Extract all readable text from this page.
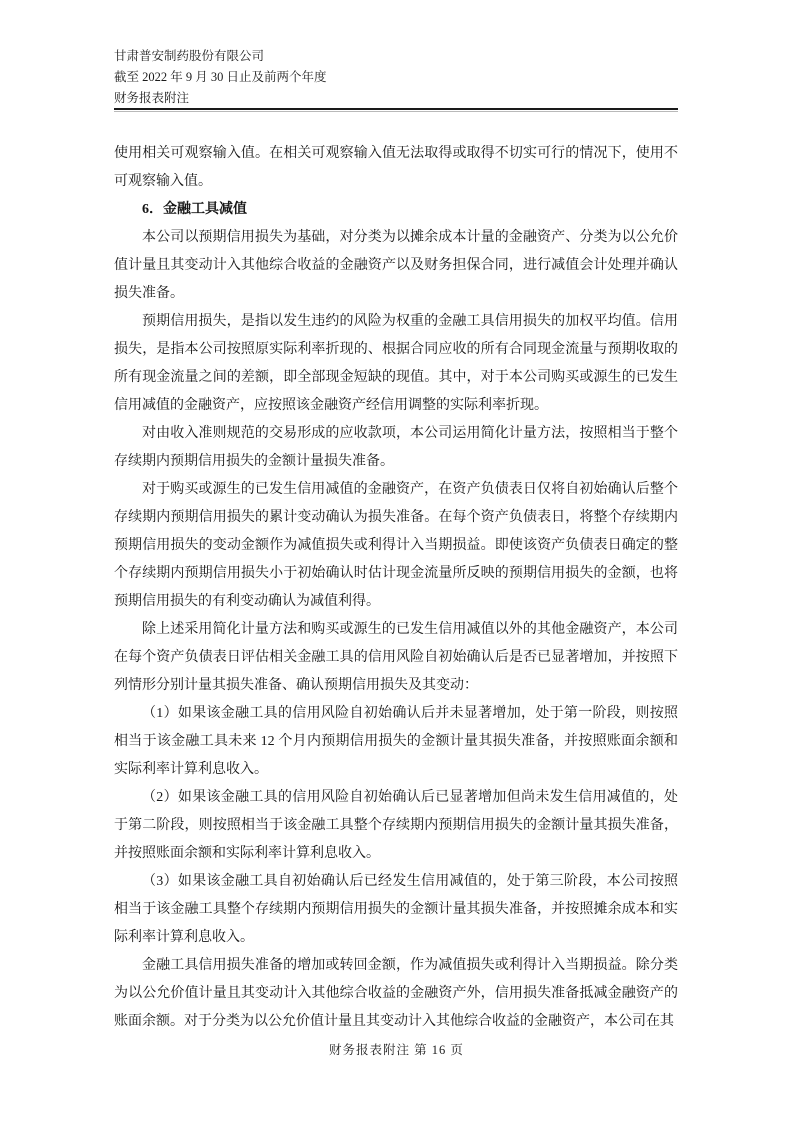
甘肃普安制药股份有限公司
截至 2022 年 9 月 30 日止及前两个年度
财务报表附注

使用相关可观察输入值。在相关可观察输入值无法取得或取得不切实可行的情况下，使用不可观察输入值。

6．金融工具减值

本公司以预期信用损失为基础，对分类为以摊余成本计量的金融资产、分类为以公允价值计量且其变动计入其他综合收益的金融资产以及财务担保合同，进行减值会计处理并确认损失准备。

预期信用损失，是指以发生违约的风险为权重的金融工具信用损失的加权平均值。信用损失，是指本公司按照原实际利率折现的、根据合同应收的所有合同现金流量与预期收取的所有现金流量之间的差额，即全部现金短缺的现值。其中，对于本公司购买或源生的已发生信用减值的金融资产，应按照该金融资产经信用调整的实际利率折现。

对由收入准则规范的交易形成的应收款项，本公司运用简化计量方法，按照相当于整个存续期内预期信用损失的金额计量损失准备。

对于购买或源生的已发生信用减值的金融资产，在资产负债表日仅将自初始确认后整个存续期内预期信用损失的累计变动确认为损失准备。在每个资产负债表日，将整个存续期内预期信用损失的变动金额作为减值损失或利得计入当期损益。即使该资产负债表日确定的整个存续期内预期信用损失小于初始确认时估计现金流量所反映的预期信用损失的金额，也将预期信用损失的有利变动确认为减值利得。

除上述采用简化计量方法和购买或源生的已发生信用减值以外的其他金融资产，本公司在每个资产负债表日评估相关金融工具的信用风险自初始确认后是否已显著增加，并按照下列情形分别计量其损失准备、确认预期信用损失及其变动：

（1）如果该金融工具的信用风险自初始确认后并未显著增加，处于第一阶段，则按照相当于该金融工具未来 12 个月内预期信用损失的金额计量其损失准备，并按照账面余额和实际利率计算利息收入。

（2）如果该金融工具的信用风险自初始确认后已显著增加但尚未发生信用减值的，处于第二阶段，则按照相当于该金融工具整个存续期内预期信用损失的金额计量其损失准备，并按照账面余额和实际利率计算利息收入。

（3）如果该金融工具自初始确认后已经发生信用减值的，处于第三阶段，本公司按照相当于该金融工具整个存续期内预期信用损失的金额计量其损失准备，并按照摊余成本和实际利率计算利息收入。

金融工具信用损失准备的增加或转回金额，作为减值损失或利得计入当期损益。除分类为以公允价值计量且其变动计入其他综合收益的金融资产外，信用损失准备抵减金融资产的账面余额。对于分类为以公允价值计量且其变动计入其他综合收益的金融资产，本公司在其

财务报表附注 第 16 页
